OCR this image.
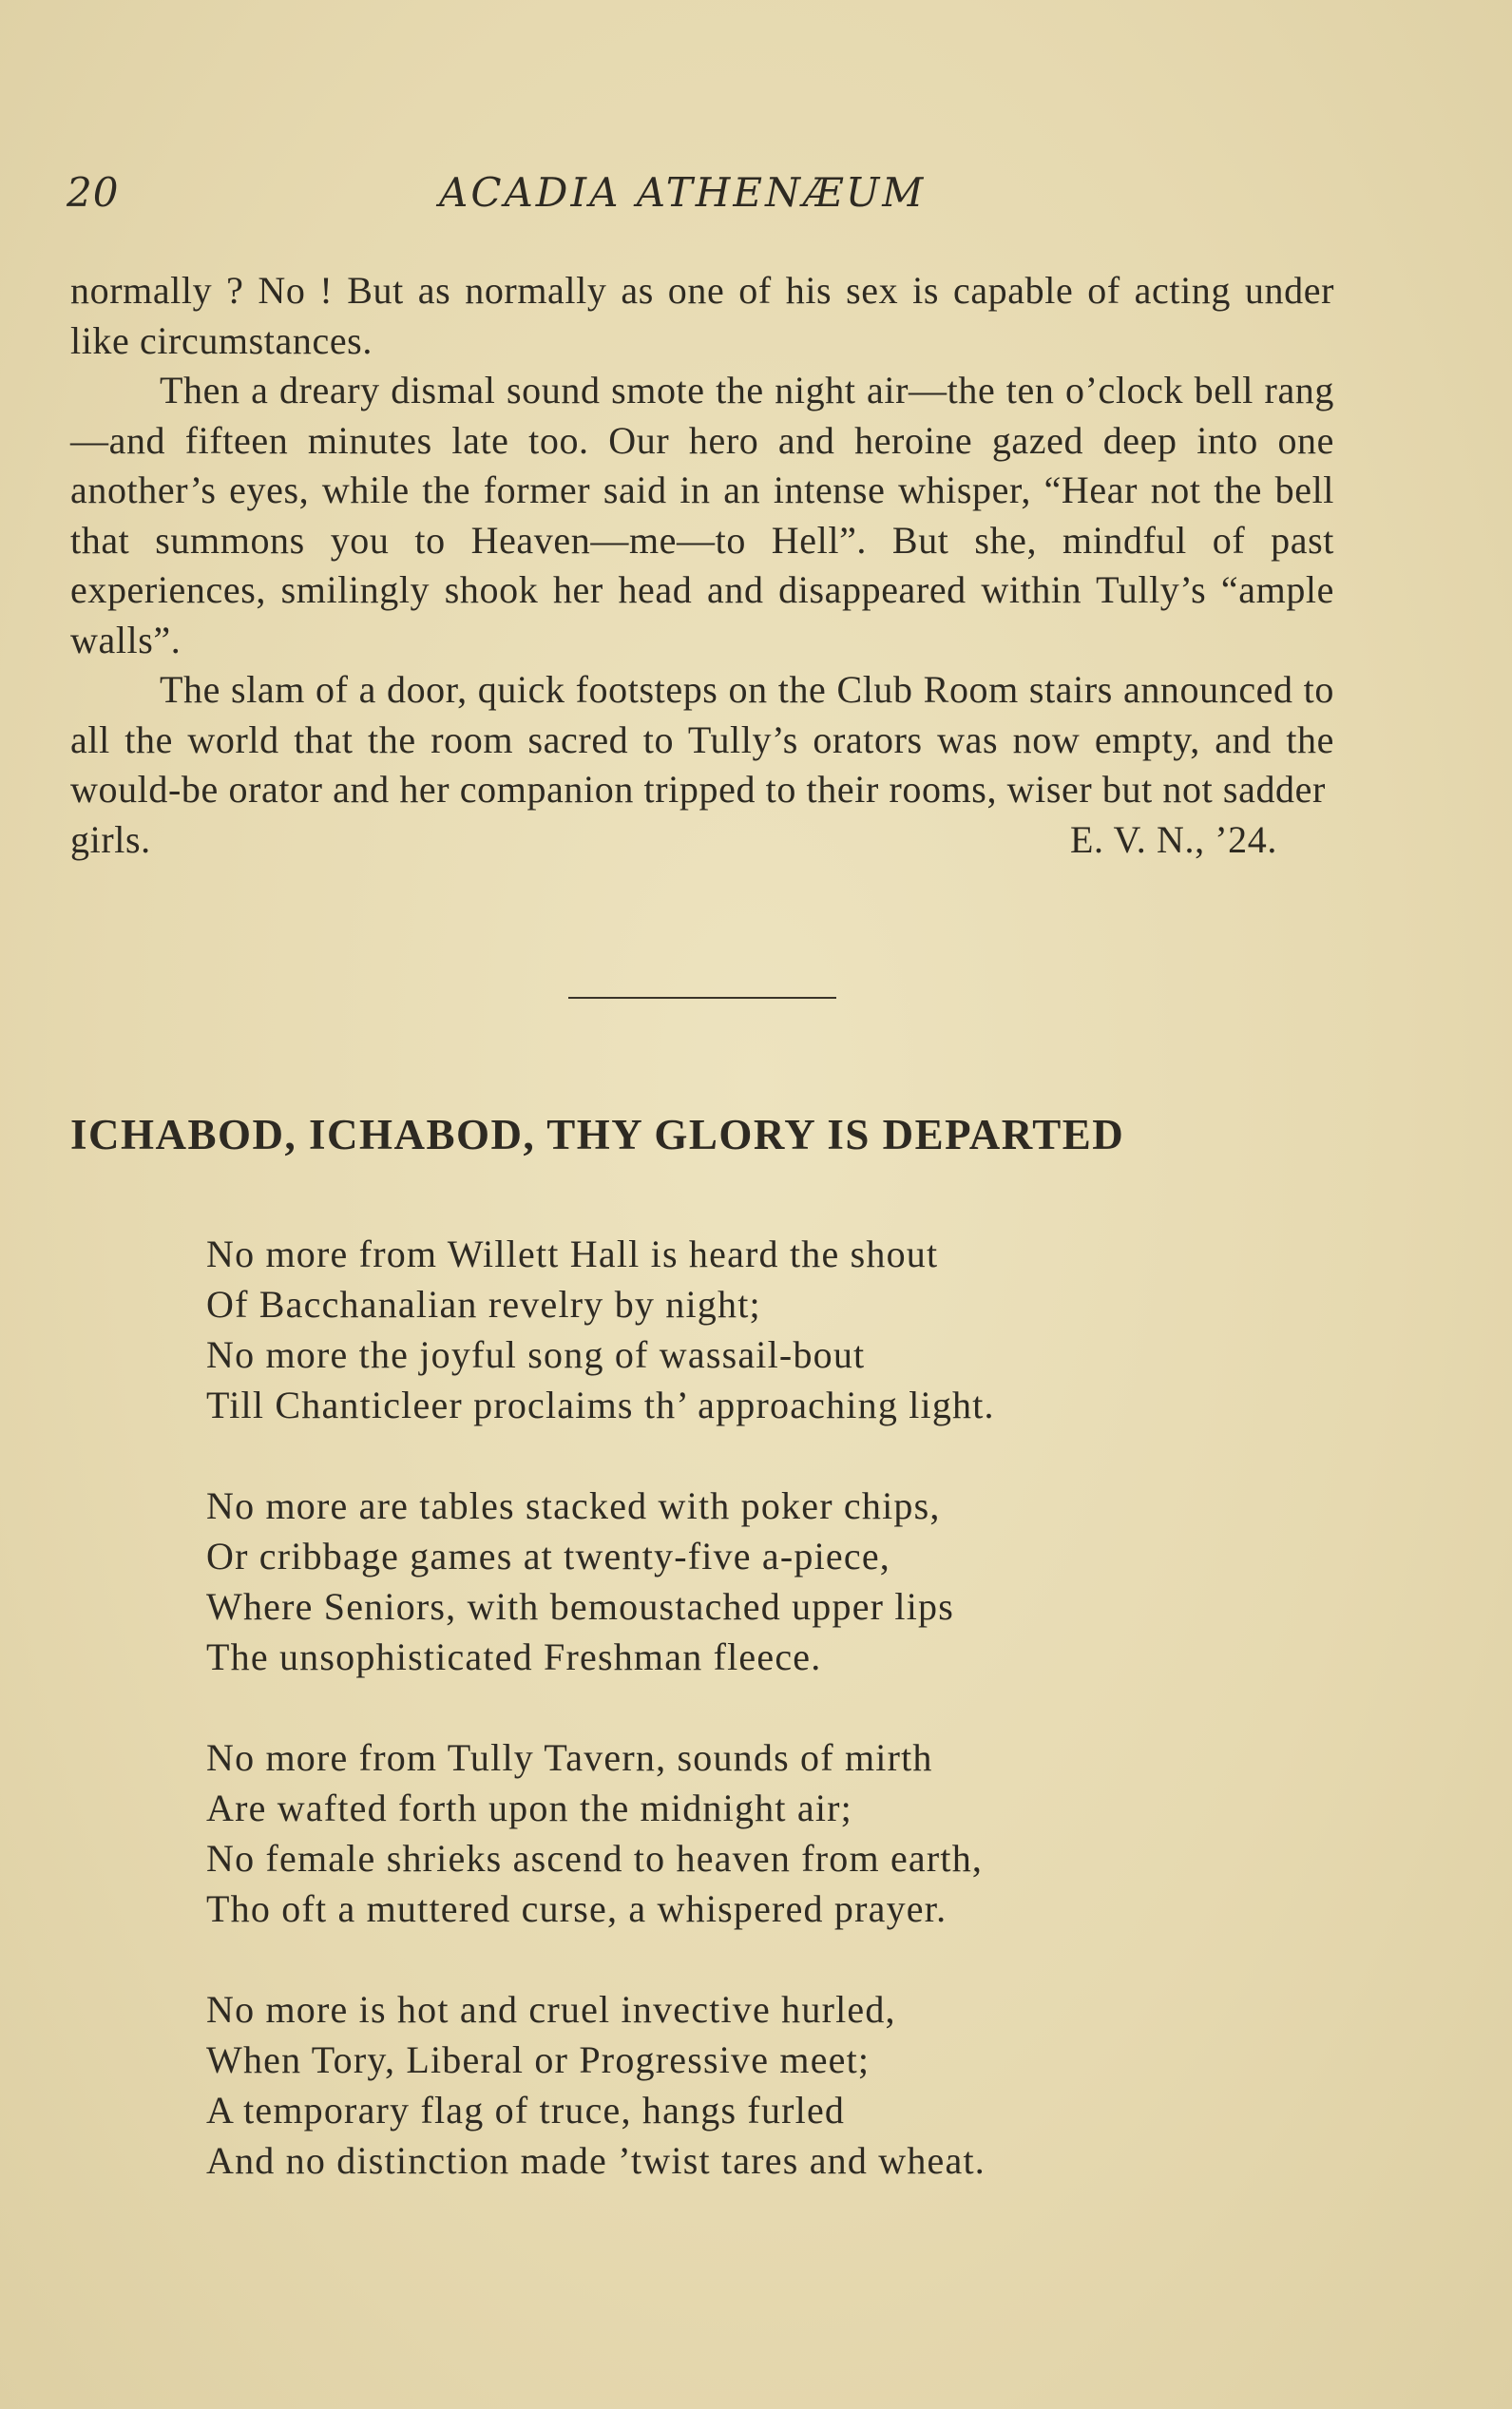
20	ACADIA ATHENÆUM

normally ? No ! But as normally as one of his sex is capable of acting under like circumstances.

Then a dreary dismal sound smote the night air—the ten o’clock bell rang—and fifteen minutes late too. Our hero and heroine gazed deep into one another’s eyes, while the former said in an intense whisper, “Hear not the bell that summons you to Heaven—me—to Hell”. But she, mindful of past experiences, smilingly shook her head and disappeared within Tully’s “ample walls”.

The slam of a door, quick footsteps on the Club Room stairs announced to all the world that the room sacred to Tully’s orators was now empty, and the would-be orator and her companion tripped to their rooms, wiser but not sadder

girls.	E. V. N., ’24.
ICHABOD, ICHABOD, THY GLORY IS DEPARTED
No more from Willett Hall is heard the shout
Of Bacchanalian revelry by night;
No more the joyful song of wassail-bout
Till Chanticleer proclaims th’ approaching light.
No more are tables stacked with poker chips,
Or cribbage games at twenty-five a-piece,
Where Seniors, with bemoustached upper lips
The unsophisticated Freshman fleece.
No more from Tully Tavern, sounds of mirth
Are wafted forth upon the midnight air;
No female shrieks ascend to heaven from earth,
Tho oft a muttered curse, a whispered prayer.
No more is hot and cruel invective hurled,
When Tory, Liberal or Progressive meet;
A temporary flag of truce, hangs furled
And no distinction made ’twist tares and wheat.
